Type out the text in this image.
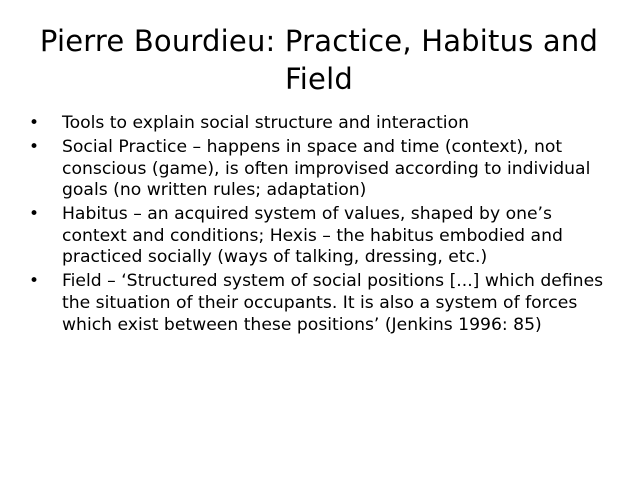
Pierre Bourdieu: Practice, Habitus and Field
• Tools to explain social structure and interaction
• Social Practice – happens in space and time (context), not conscious (game), is often improvised according to individual goals (no written rules; adaptation)
• Habitus – an acquired system of values, shaped by one’s context and conditions; Hexis – the habitus embodied and practiced socially (ways of talking, dressing, etc.)
• Field – ‘Structured system of social positions [...] which defines the situation of their occupants. It is also a system of forces which exist between these positions’ (Jenkins 1996: 85)
